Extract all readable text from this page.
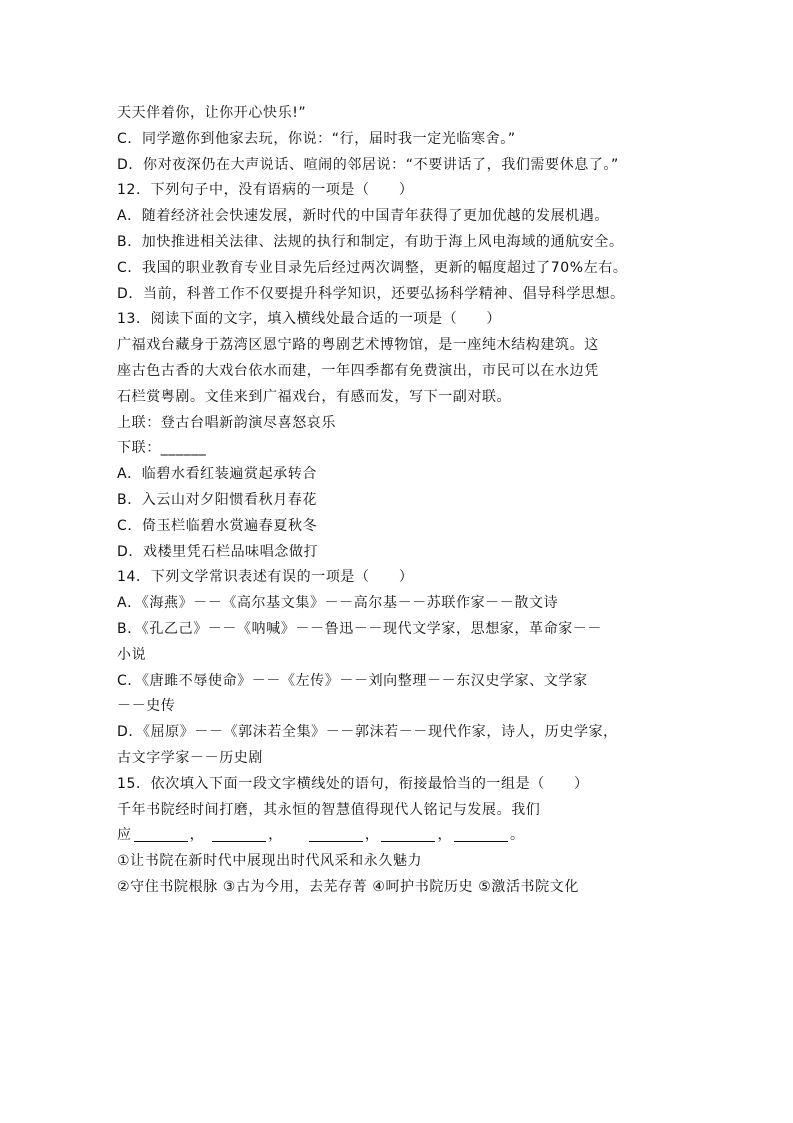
天天伴着你，让你开心快乐!”
C．同学邀你到他家去玩，你说：“行，届时我一定光临寒舍。”
D．你对夜深仍在大声说话、喧闹的邻居说：“不要讲话了，我们需要休息了。”
12．下列句子中，没有语病的一项是（　　）
A．随着经济社会快速发展，新时代的中国青年获得了更加优越的发展机遇。
B．加快推进相关法律、法规的执行和制定，有助于海上风电海域的通航安全。
C．我国的职业教育专业目录先后经过两次调整，更新的幅度超过了70%左右。
D．当前，科普工作不仅要提升科学知识，还要弘扬科学精神、倡导科学思想。
13．阅读下面的文字，填入横线处最合适的一项是（　　）
广福戏台藏身于荔湾区恩宁路的粤剧艺术博物馆，是一座纯木结构建筑。这
座古色古香的大戏台依水而建，一年四季都有免费演出，市民可以在水边凭
石栏赏粤剧。文佳来到广福戏台，有感而发，写下一副对联。
上联：登古台唱新韵演尽喜怒哀乐
下联：______
A．临碧水看红装遍赏起承转合
B．入云山对夕阳惯看秋月春花
C．倚玉栏临碧水赏遍春夏秋冬
D．戏楼里凭石栏品味唱念做打
14．下列文学常识表述有误的一项是（　　）
A．《海燕》－－《高尔基文集》－－高尔基－－苏联作家－－散文诗
B．《孔乙己》－－《呐喊》－－鲁迅－－现代文学家，思想家，革命家－－
小说
C．《唐雎不辱使命》－－《左传》－－刘向整理－－东汉史学家、文学家
－－史传
D．《屈原》－－《郭沫若全集》－－郭沫若－－现代作家，诗人，历史学家，
古文字学家－－历史剧
15．依次填入下面一段文字横线处的语句，衔接最恰当的一组是（　　）
千年书院经时间打磨，其永恒的智慧值得现代人铭记与发展。我们
应	，	，	，	，	。
①让书院在新时代中展现出时代风采和永久魅力
②守住书院根脉 ③古为今用，去芜存菁 ④呵护书院历史 ⑤激活书院文化
